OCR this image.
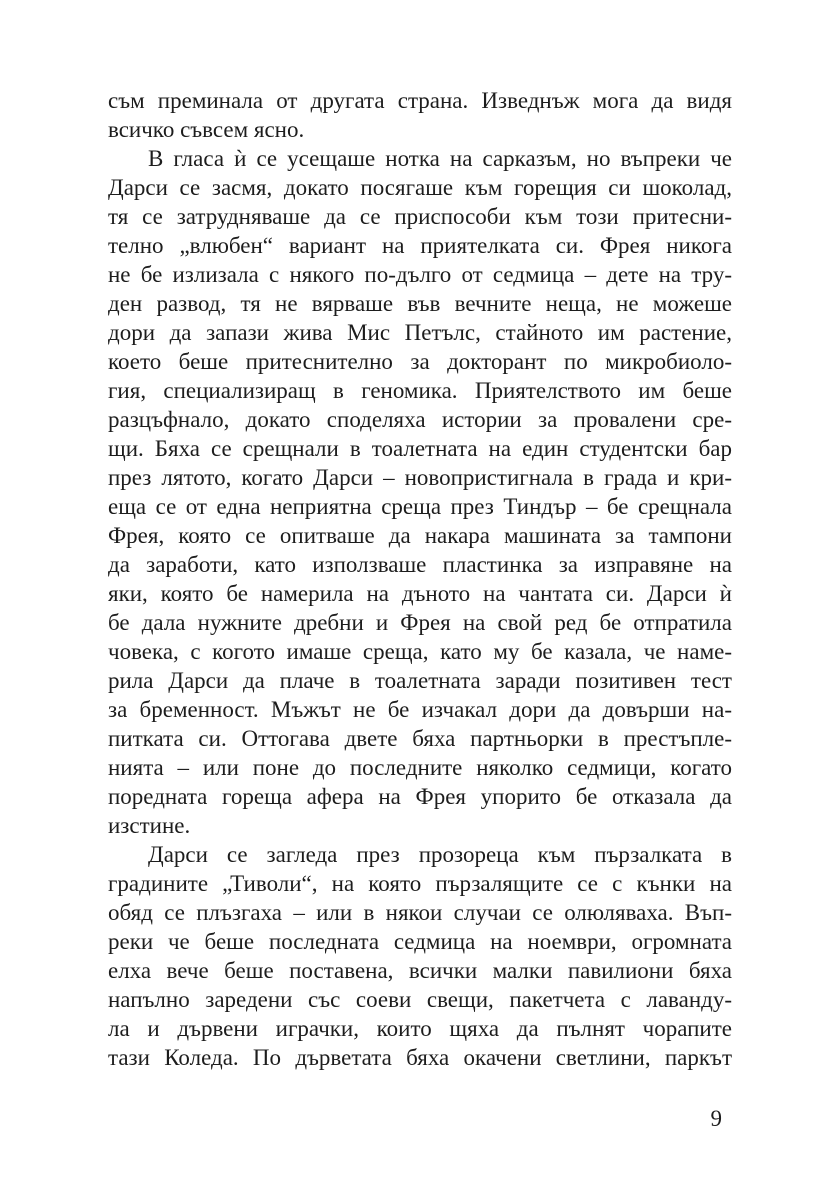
съм преминала от другата страна. Изведнъж мога да видя
всичко съвсем ясно.
В гласа ѝ се усещаше нотка на сарказъм, но въпреки че
Дарси се засмя, докато посягаше към горещия си шоколад,
тя се затрудняваше да се приспособи към този притесни-
телно „влюбен“ вариант на приятелката си. Фрея никога
не бе излизала с някого по-дълго от седмица – дете на тру-
ден развод, тя не вярваше във вечните неща, не можеше
дори да запази жива Мис Петълс, стайното им растение,
което беше притеснително за докторант по микробиоло-
гия, специализиращ в геномика. Приятелството им беше
разцъфнало, докато споделяха истории за провалени сре-
щи. Бяха се срещнали в тоалетната на един студентски бар
през лятото, когато Дарси – новопристигнала в града и кри-
еща се от една неприятна среща през Тиндър – бе срещнала
Фрея, която се опитваше да накара машината за тампони
да заработи, като използваше пластинка за изправяне на
яки, която бе намерила на дъното на чантата си. Дарси ѝ
бе дала нужните дребни и Фрея на свой ред бе отпратила
човека, с когото имаше среща, като му бе казала, че наме-
рила Дарси да плаче в тоалетната заради позитивен тест
за бременност. Мъжът не бе изчакал дори да довърши на-
питката си. Оттогава двете бяха партньорки в престъпле-
нията – или поне до последните няколко седмици, когато
поредната гореща афера на Фрея упорито бе отказала да
изстине.
Дарси се загледа през прозореца към пързалката в
градините „Тиволи“, на която пързалящите се с кънки на
обяд се плъзгаха – или в някои случаи се олюляваха. Въп-
реки че беше последната седмица на ноември, огромната
елха вече беше поставена, всички малки павилиони бяха
напълно заредени със соеви свещи, пакетчета с лаванду-
ла и дървени играчки, които щяха да пълнят чорапите
тази Коледа. По дърветата бяха окачени светлини, паркът
9
